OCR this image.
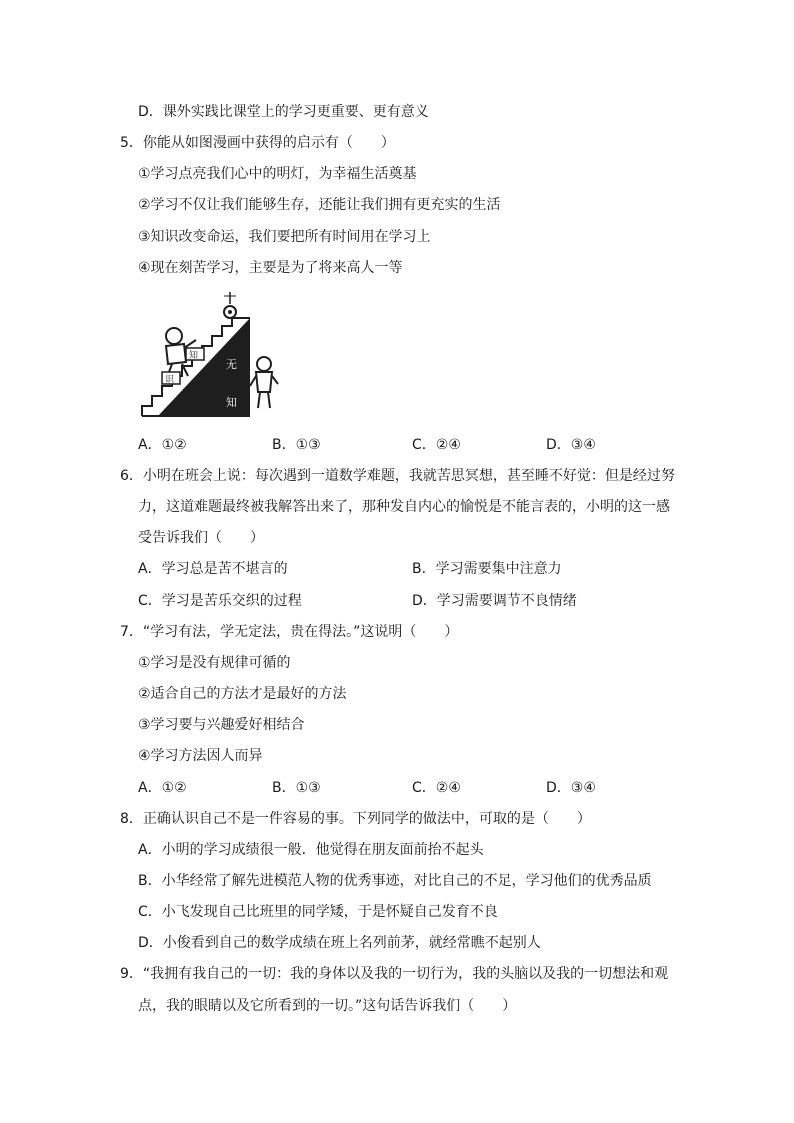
D．课外实践比课堂上的学习更重要、更有意义
5．你能从如图漫画中获得的启示有（　　）
①学习点亮我们心中的明灯，为幸福生活奠基
②学习不仅让我们能够生存，还能让我们拥有更充实的生活
③知识改变命运，我们要把所有时间用在学习上
④现在刻苦学习，主要是为了将来高人一等
知
识
无
知
A．①②	B．①③	C．②④	D．③④
6．小明在班会上说：每次遇到一道数学难题，我就苦思冥想，甚至睡不好觉：但是经过努
力，这道难题最终被我解答出来了，那种发自内心的愉悦是不能言表的，小明的这一感
受告诉我们（　　）
A．学习总是苦不堪言的	B．学习需要集中注意力
C．学习是苦乐交织的过程	D．学习需要调节不良情绪
7．“学习有法，学无定法，贵在得法。”这说明（　　）
①学习是没有规律可循的
②适合自己的方法才是最好的方法
③学习要与兴趣爱好相结合
④学习方法因人而异
A．①②	B．①③	C．②④	D．③④
8．正确认识自己不是一件容易的事。下列同学的做法中，可取的是（　　）
A．小明的学习成绩很一般．他觉得在朋友面前抬不起头
B．小华经常了解先进模范人物的优秀事迹，对比自己的不足，学习他们的优秀品质
C．小飞发现自己比班里的同学矮，于是怀疑自己发育不良
D．小俊看到自己的数学成绩在班上名列前茅，就经常瞧不起别人
9．“我拥有我自己的一切：我的身体以及我的一切行为，我的头脑以及我的一切想法和观
点，我的眼睛以及它所看到的一切。”这句话告诉我们（　　）
